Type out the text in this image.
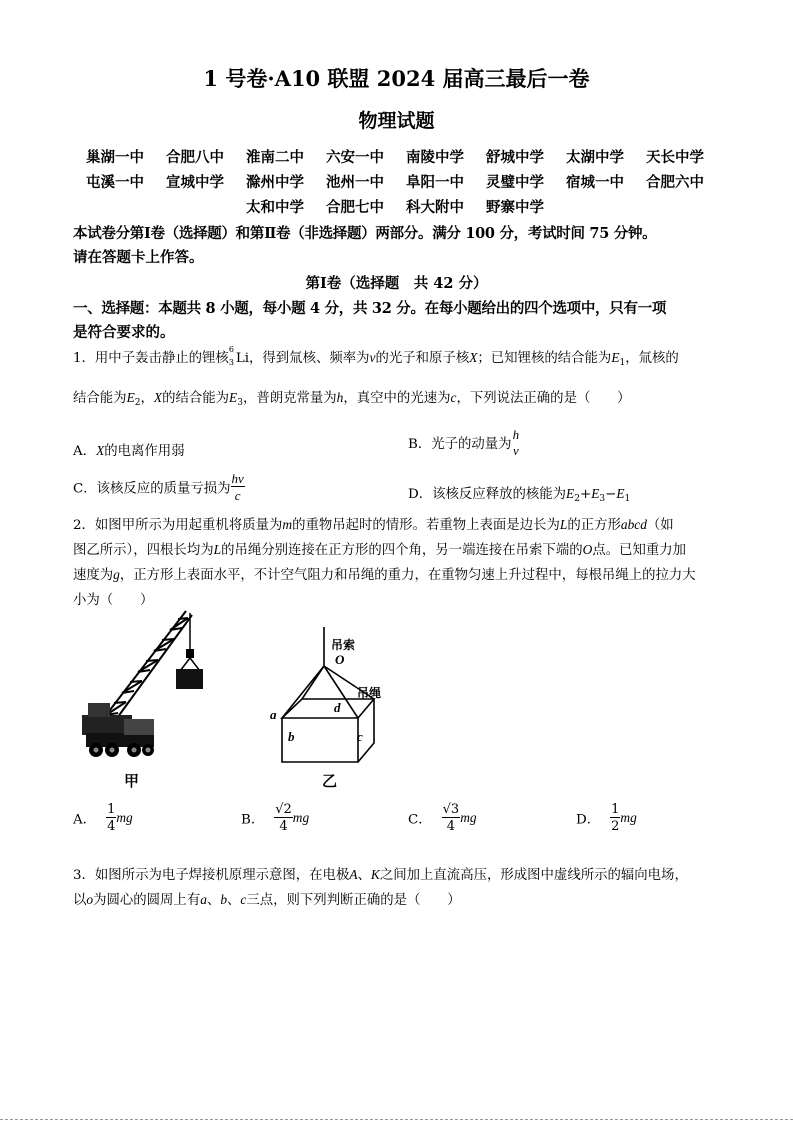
1 号卷·A10 联盟 2024 届高三最后一卷
物理试题
巢湖一中 合肥八中 淮南二中 六安一中 南陵中学 舒城中学 太湖中学 天长中学
屯溪一中 宣城中学 滁州中学 池州一中 阜阳一中 灵璧中学 宿城一中 合肥六中
太和中学 合肥七中 科大附中 野寨中学
本试卷分第Ⅰ卷（选择题）和第Ⅱ卷（非选择题）两部分。满分 100 分，考试时间 75 分钟。
请在答题卡上作答。
第Ⅰ卷（选择题　共 42 分）
一、选择题：本题共 8 小题，每小题 4 分，共 32 分。在每小题给出的四个选项中，只有一项
是符合要求的。
1．用中子轰击静止的锂核
6
3 Li，得到氚核、频率为ν的光子和原子核X；已知锂核的结合能为$E_1$，氚核的
结合能为$E_2$，X的结合能为$E_3$，普朗克常量为h，真空中的光速为c，下列说法正确的是（　　）
A．X的电离作用弱	B．光子的动量为
h
ν
C．该核反应的质量亏损为 $\frac{h\nu}{c}$	D．该核反应释放的核能为$E_2+E_3-E_1$
2．如图甲所示为用起重机将质量为m的重物吊起时的情形。若重物上表面是边长为L的正方形abcd（如
图乙所示），四根长均为L的吊绳分别连接在正方形的四个角，另一端连接在吊索下端的O点。已知重力加
速度为g，正方形上表面水平，不计空气阻力和吊绳的重力，在重物匀速上升过程中，每根吊绳上的拉力大
小为（　　）
甲
吊索
O
吊绳
a	d
b	c
乙
A． $\frac{1}{4}$ mg	B． $\frac{√2}{4}$ mg	C． $\frac{√3}{4}$ mg	D． $\frac{1}{2}$ mg
3．如图所示为电子焊接机原理示意图，在电极A、K之间加上直流高压，形成图中虚线所示的辐向电场，
以o为圆心的圆周上有a、b、c三点，则下列判断正确的是（　　）
